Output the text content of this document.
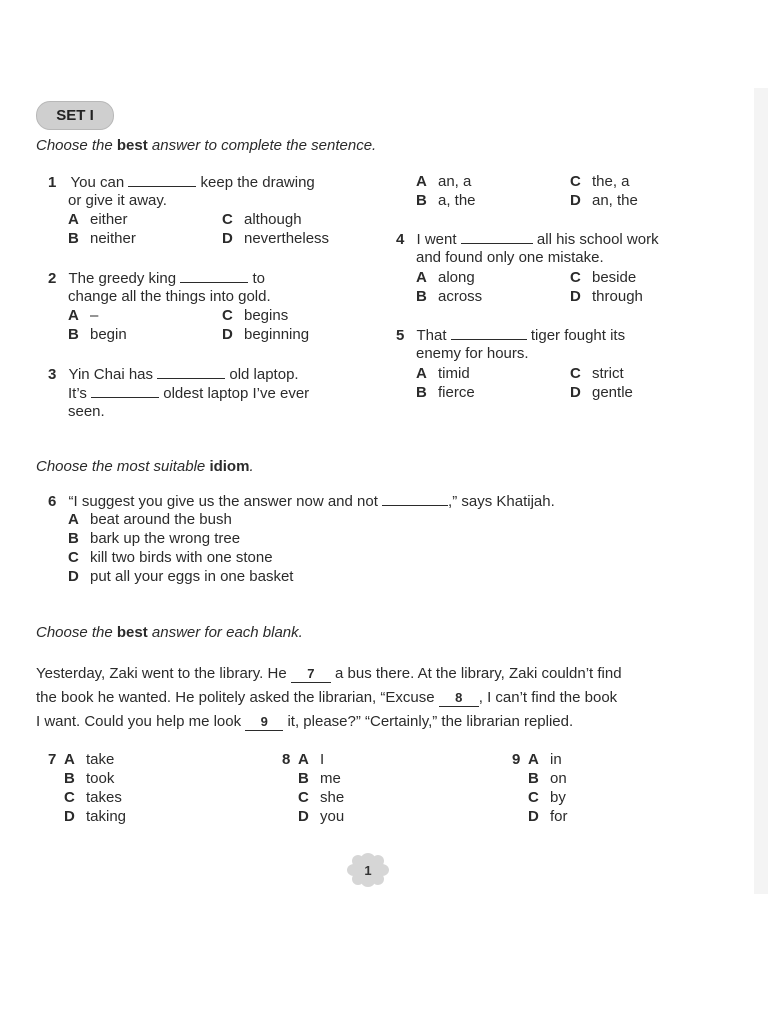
SET I
Choose the best answer to complete the sentence.
1 You can	keep the drawing
or give it away.
A either	C although
B neither	D nevertheless
2 The greedy king	to
change all the things into gold.
A –	C begins
B begin	D beginning
3 Yin Chai has	old laptop.
It’s	oldest laptop I’ve ever
seen.
A an, a	C the, a
B a, the	D an, the
4 I went	all his school work
and found only one mistake.
A along	C beside
B across	D through
5 That	tiger fought its
enemy for hours.
A timid	C strict
B fierce	D gentle
Choose the most suitable idiom.
6 “I suggest you give us the answer now and not	,” says Khatijah.
A beat around the bush
B bark up the wrong tree
C kill two birds with one stone
D put all your eggs in one basket
Choose the best answer for each blank.
Yesterday, Zaki went to the library. He 7 a bus there. At the library, Zaki couldn’t find
the book he wanted. He politely asked the librarian, “Excuse 8 , I can’t find the book
I want. Could you help me look 9 it, please?” “Certainly,” the librarian replied.
7 A take
B took
C takes
D taking
8 A I
B me
C she
D you
9 A in
B on
C by
D for
1
